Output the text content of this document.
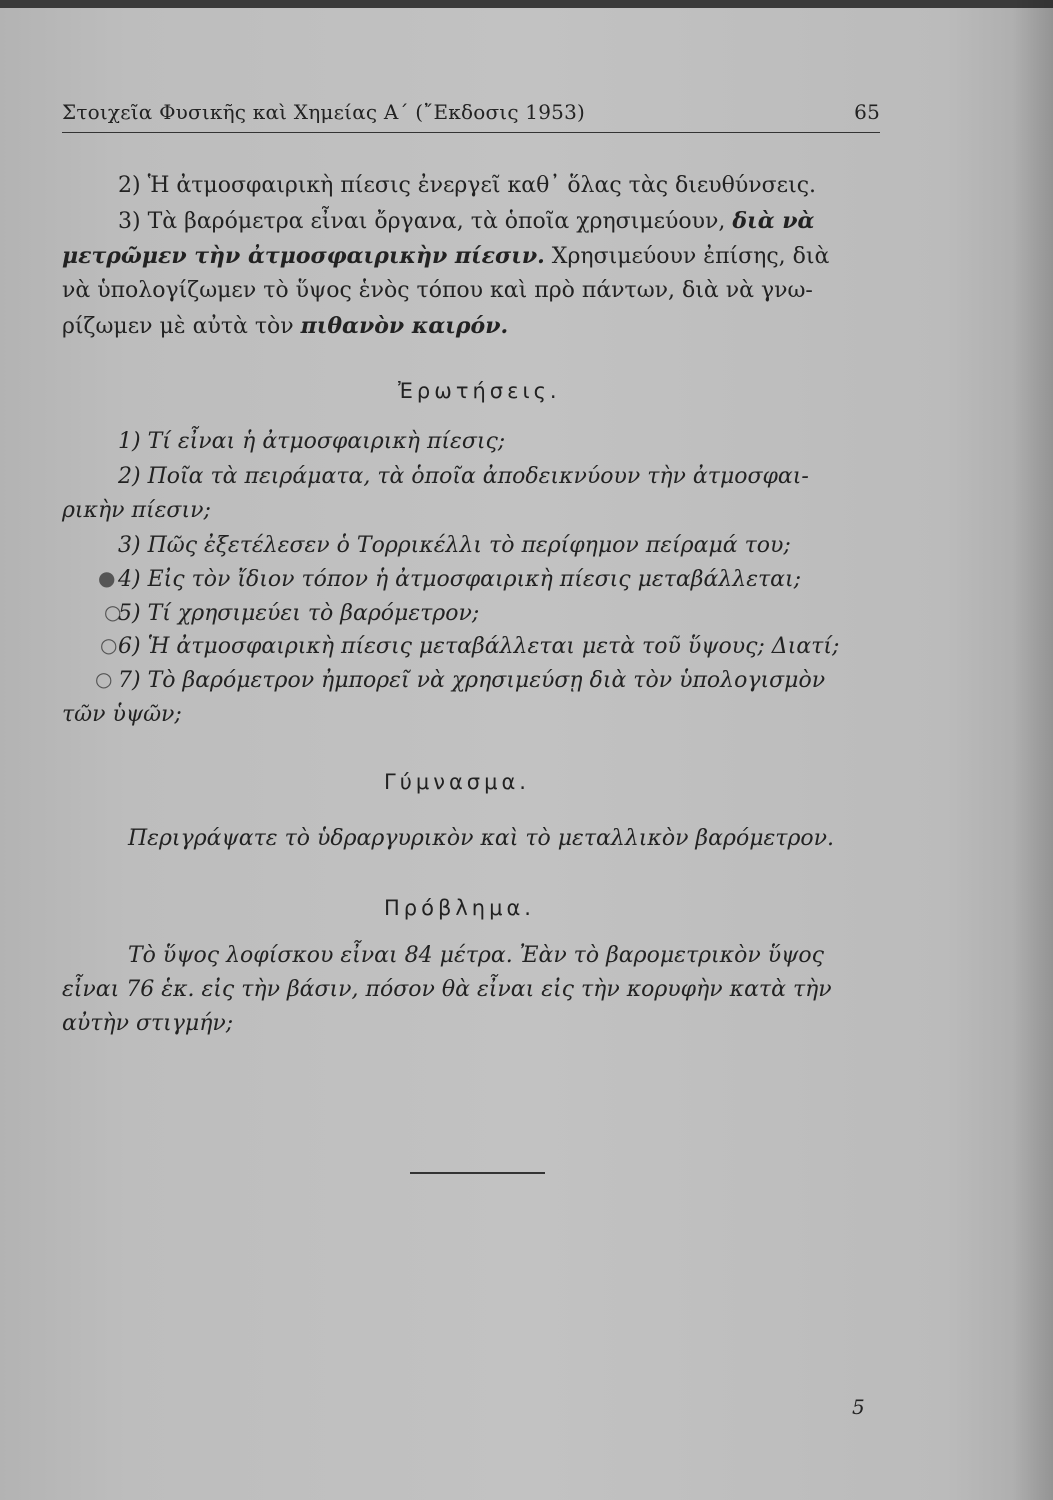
Στοιχεῖα Φυσικῆς καὶ Χημείας Α΄ (῎Εκδοσις 1953)	65
2) Ἡ ἀτμοσφαιρικὴ πίεσις ἐνεργεῖ καθ᾿ ὅλας τὰς διευθύνσεις.
3) Τὰ βαρόμετρα εἶναι ὄργανα, τὰ ὁποῖα χρησιμεύουν, διὰ νὰ
μετρῶμεν τὴν ἀτμοσφαιρικὴν πίεσιν. Χρησιμεύουν ἐπίσης, διὰ
νὰ ὑπολογίζωμεν τὸ ὕψος ἑνὸς τόπου καὶ πρὸ πάντων, διὰ νὰ γνω-
ρίζωμεν μὲ αὐτὰ τὸν πιθανὸν καιρόν.
Ἐρωτήσεις.
1) Τί εἶναι ἡ ἀτμοσφαιρικὴ πίεσις;
2) Ποῖα τὰ πειράματα, τὰ ὁποῖα ἀποδεικνύουν τὴν ἀτμοσφαι-
ρικὴν πίεσιν;
3) Πῶς ἐξετέλεσεν ὁ Τορρικέλλι τὸ περίφημον πείραμά του;
● 4) Εἰς τὸν ἴδιον τόπον ἡ ἀτμοσφαιρικὴ πίεσις μεταβάλλεται;
○
5) Τί χρησιμεύει τὸ βαρόμετρον;
○ 6) Ἡ ἀτμοσφαιρικὴ πίεσις μεταβάλλεται μετὰ τοῦ ὕψους; Διατί;
○ 7) Τὸ βαρόμετρον ἠμπορεῖ νὰ χρησιμεύσῃ διὰ τὸν ὑπολογισμὸν
τῶν ὑψῶν;
Γύμνασμα.
Περιγράψατε τὸ ὑδραργυρικὸν καὶ τὸ μεταλλικὸν βαρόμετρον.
Πρόβλημα.
Τὸ ὕψος λοφίσκου εἶναι 84 μέτρα. Ἐὰν τὸ βαρομετρικὸν ὕψος
εἶναι 76 ἑκ. εἰς τὴν βάσιν, πόσον θὰ εἶναι εἰς τὴν κορυφὴν κατὰ τὴν
αὐτὴν στιγμήν;
5
